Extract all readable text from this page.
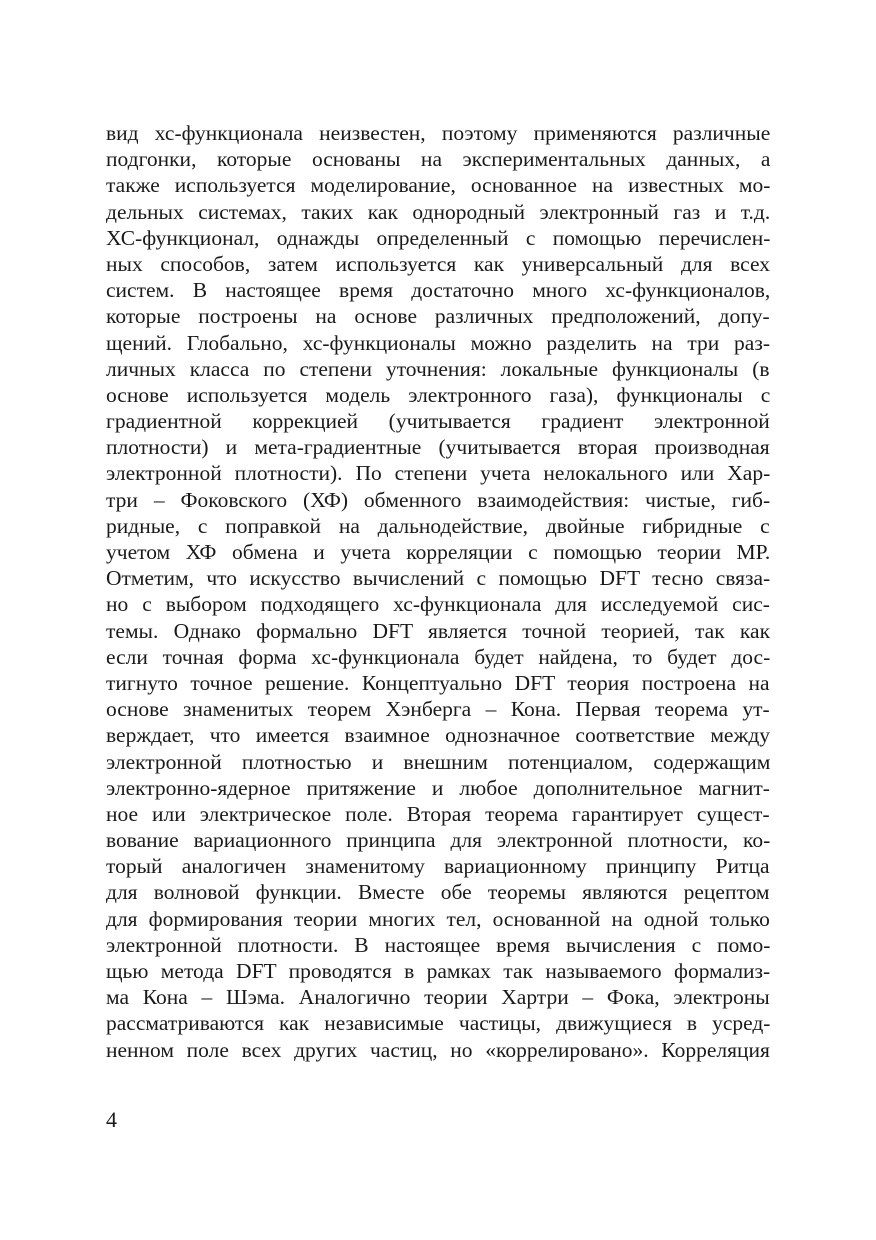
вид хс-функционала неизвестен, поэтому применяются различные
подгонки, которые основаны на экспериментальных данных, а
также используется моделирование, основанное на известных мо-
дельных системах, таких как однородный электронный газ и т.д.
ХС-функционал, однажды определенный с помощью перечислен-
ных способов, затем используется как универсальный для всех
систем. В настоящее время достаточно много хс-функционалов,
которые построены на основе различных предположений, допу-
щений. Глобально, хс-функционалы можно разделить на три раз-
личных класса по степени уточнения: локальные функционалы (в
основе используется модель электронного газа), функционалы с
градиентной коррекцией (учитывается градиент электронной
плотности) и мета-градиентные (учитывается вторая производная
электронной плотности). По степени учета нелокального или Хар-
три – Фоковского (ХФ) обменного взаимодействия: чистые, гиб-
ридные, с поправкой на дальнодействие, двойные гибридные с
учетом ХФ обмена и учета корреляции с помощью теории МР.
Отметим, что искусство вычислений с помощью DFT тесно связа-
но с выбором подходящего хс-функционала для исследуемой сис-
темы. Однако формально DFT является точной теорией, так как
если точная форма хс-функционала будет найдена, то будет дос-
тигнуто точное решение. Концептуально DFT теория построена на
основе знаменитых теорем Хэнберга – Кона. Первая теорема ут-
верждает, что имеется взаимное однозначное соответствие между
электронной плотностью и внешним потенциалом, содержащим
электронно-ядерное притяжение и любое дополнительное магнит-
ное или электрическое поле. Вторая теорема гарантирует сущест-
вование вариационного принципа для электронной плотности, ко-
торый аналогичен знаменитому вариационному принципу Ритца
для волновой функции. Вместе обе теоремы являются рецептом
для формирования теории многих тел, основанной на одной только
электронной плотности. В настоящее время вычисления с помо-
щью метода DFT проводятся в рамках так называемого формализ-
ма Кона – Шэма. Аналогично теории Хартри – Фока, электроны
рассматриваются как независимые частицы, движущиеся в усред-
ненном поле всех других частиц, но «коррелировано». Корреляция
4
